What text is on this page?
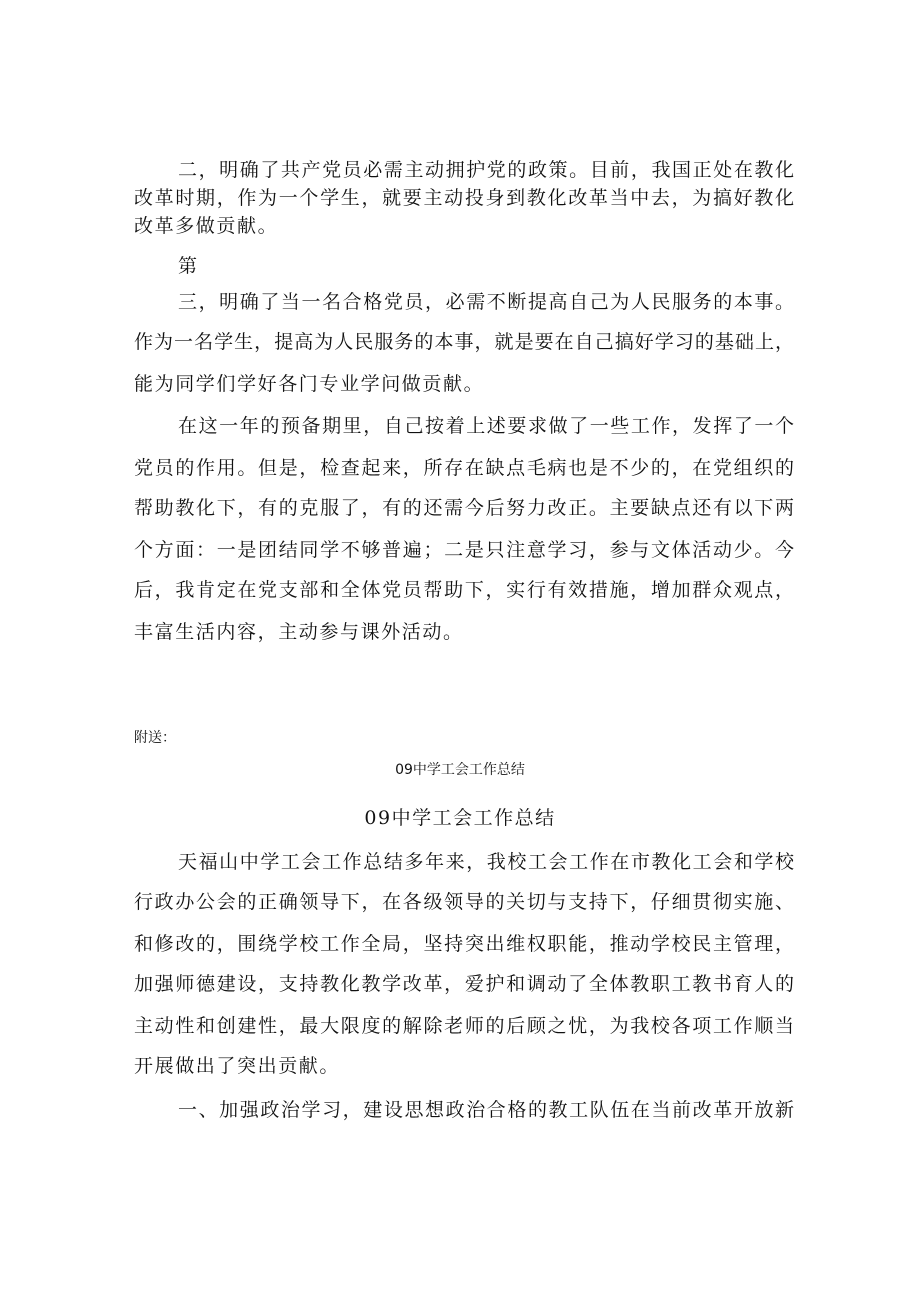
二，明确了共产党员必需主动拥护党的政策。目前，我国正处在教化
改革时期，作为一个学生，就要主动投身到教化改革当中去，为搞好教化
改革多做贡献。
第
三，明确了当一名合格党员，必需不断提高自己为人民服务的本事。
作为一名学生，提高为人民服务的本事，就是要在自己搞好学习的基础上，
能为同学们学好各门专业学问做贡献。
在这一年的预备期里，自己按着上述要求做了一些工作，发挥了一个
党员的作用。但是，检查起来，所存在缺点毛病也是不少的，在党组织的
帮助教化下，有的克服了，有的还需今后努力改正。主要缺点还有以下两
个方面：一是团结同学不够普遍；二是只注意学习，参与文体活动少。今
后，我肯定在党支部和全体党员帮助下，实行有效措施，增加群众观点，
丰富生活内容，主动参与课外活动。
附送：
09中学工会工作总结
09中学工会工作总结
天福山中学工会工作总结多年来，我校工会工作在市教化工会和学校
行政办公会的正确领导下，在各级领导的关切与支持下，仔细贯彻实施、
和修改的，围绕学校工作全局，坚持突出维权职能，推动学校民主管理，
加强师德建设，支持教化教学改革，爱护和调动了全体教职工教书育人的
主动性和创建性，最大限度的解除老师的后顾之忧，为我校各项工作顺当
开展做出了突出贡献。
一、加强政治学习，建设思想政治合格的教工队伍在当前改革开放新
